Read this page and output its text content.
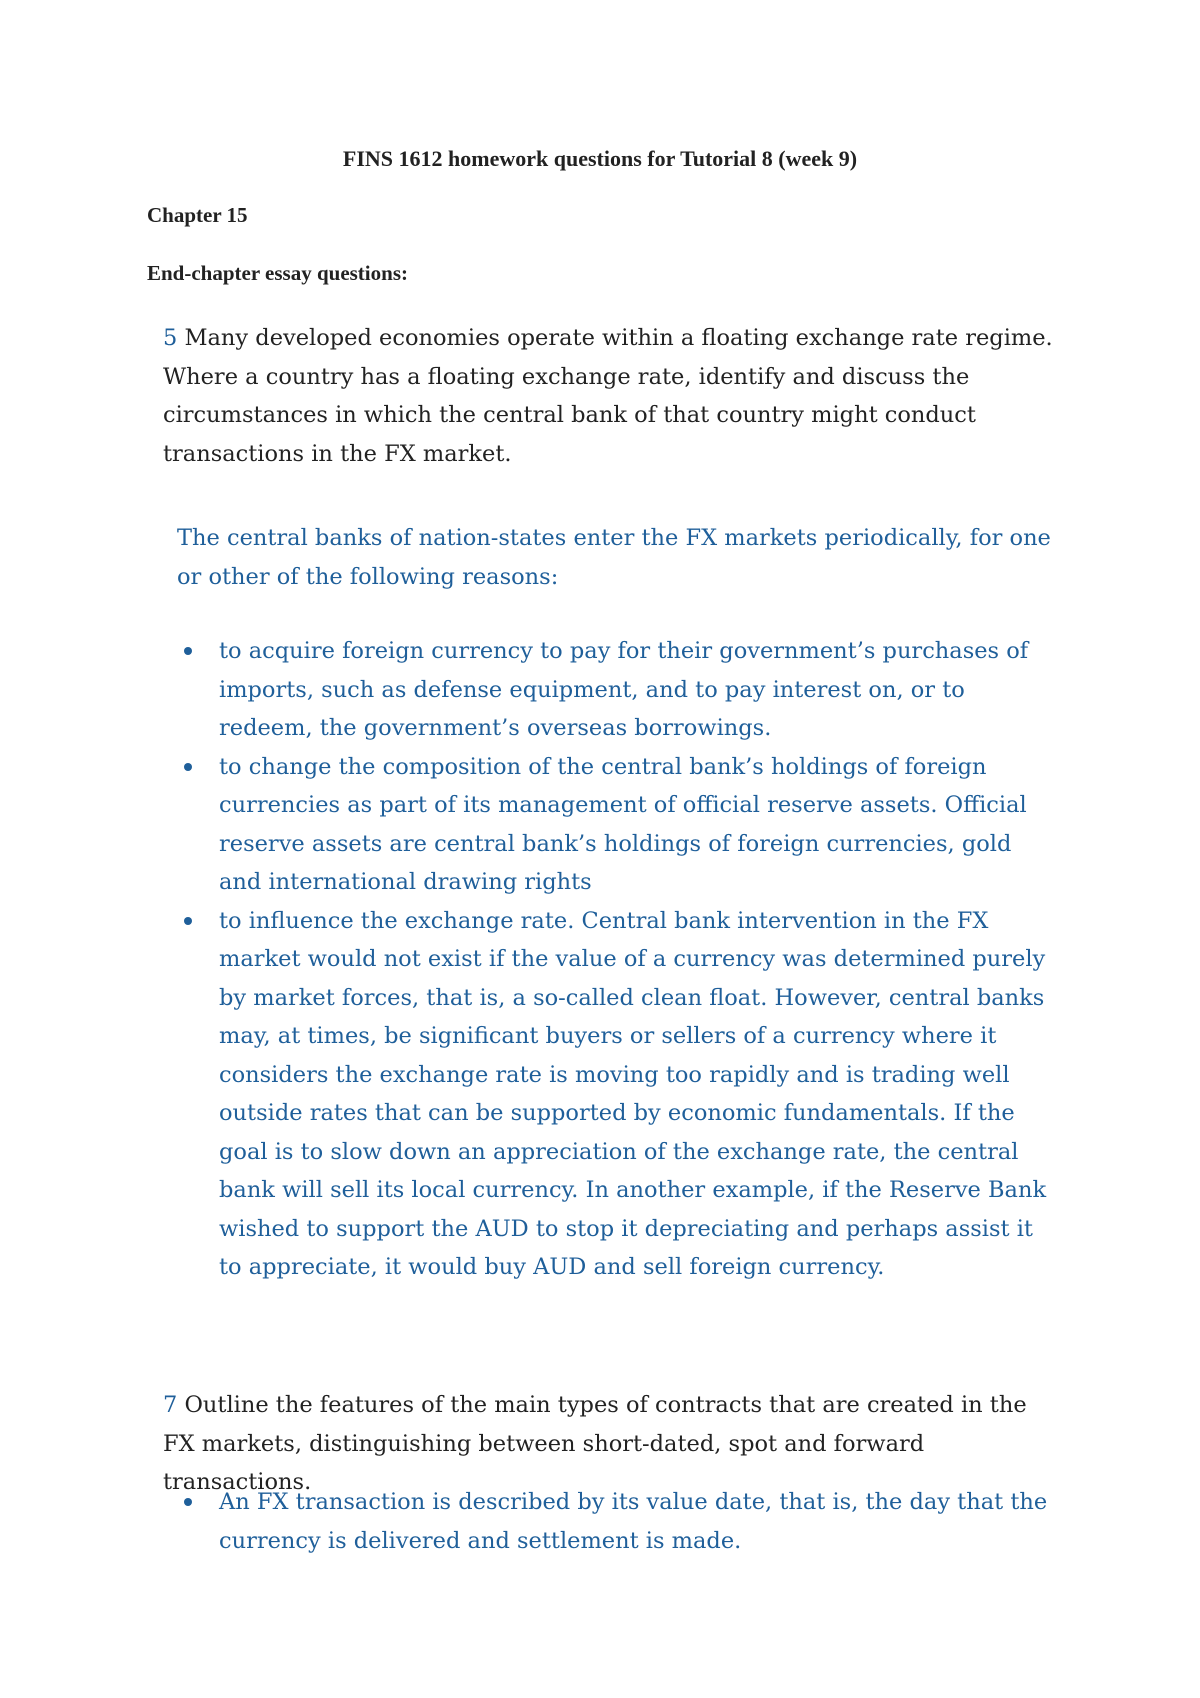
FINS 1612 homework questions for Tutorial 8 (week 9)
Chapter 15
End-chapter essay questions:
5 Many developed economies operate within a floating exchange rate regime. Where a country has a floating exchange rate, identify and discuss the circumstances in which the central bank of that country might conduct transactions in the FX market.
The central banks of nation-states enter the FX markets periodically, for one or other of the following reasons:
to acquire foreign currency to pay for their government’s purchases of imports, such as defense equipment, and to pay interest on, or to redeem, the government’s overseas borrowings.
to change the composition of the central bank’s holdings of foreign currencies as part of its management of official reserve assets. Official reserve assets are central bank’s holdings of foreign currencies, gold and international drawing rights
to influence the exchange rate. Central bank intervention in the FX market would not exist if the value of a currency was determined purely by market forces, that is, a so-called clean float. However, central banks may, at times, be significant buyers or sellers of a currency where it considers the exchange rate is moving too rapidly and is trading well outside rates that can be supported by economic fundamentals. If the goal is to slow down an appreciation of the exchange rate, the central bank will sell its local currency. In another example, if the Reserve Bank wished to support the AUD to stop it depreciating and perhaps assist it to appreciate, it would buy AUD and sell foreign currency.
7 Outline the features of the main types of contracts that are created in the FX markets, distinguishing between short-dated, spot and forward transactions.
An FX transaction is described by its value date, that is, the day that the currency is delivered and settlement is made.
